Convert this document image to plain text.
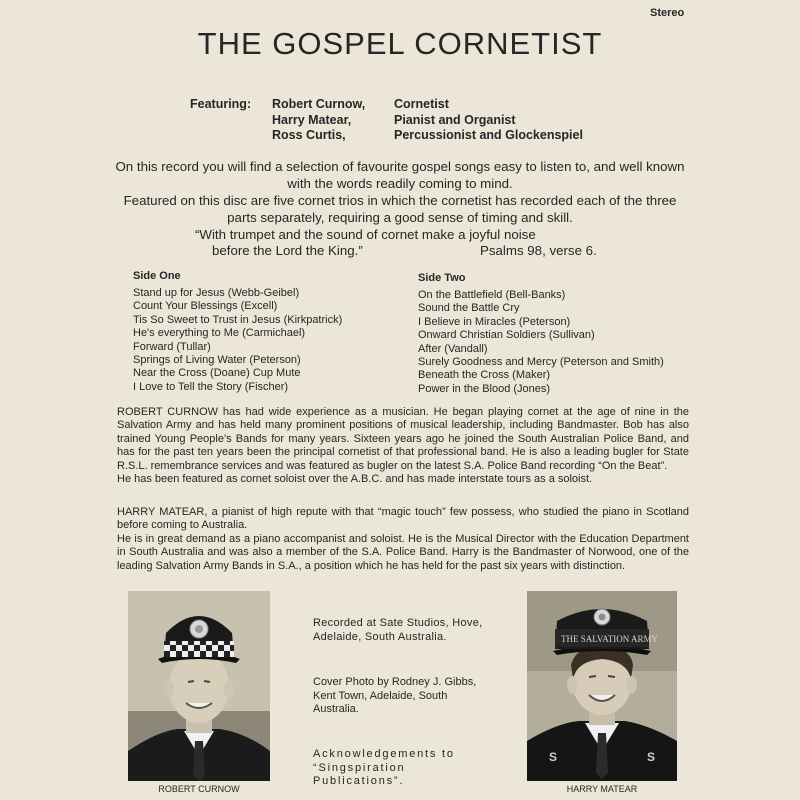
Stereo
THE GOSPEL CORNETIST
Featuring: Robert Curnow,
Harry Matear,
Ross Curtis,
Cornetist
Pianist and Organist
Percussionist and Glockenspiel
On this record you will find a selection of favourite gospel songs easy to listen to, and well known with the words readily coming to mind.
Featured on this disc are five cornet trios in which the cornetist has recorded each of the three parts separately, requiring a good sense of timing and skill.
“With trumpet and the sound of cornet make a joyful noise
before the Lord the King.”	Psalms 98, verse 6.
Side One
Stand up for Jesus (Webb-Geibel)
Count Your Blessings (Excell)
Tis So Sweet to Trust in Jesus (Kirkpatrick)
He's everything to Me (Carmichael)
Forward (Tullar)
Springs of Living Water (Peterson)
Near the Cross (Doane) Cup Mute
I Love to Tell the Story (Fischer)
Side Two
On the Battlefield (Bell-Banks)
Sound the Battle Cry
I Believe in Miracles (Peterson)
Onward Christian Soldiers (Sullivan)
After (Vandall)
Surely Goodness and Mercy (Peterson and Smith)
Beneath the Cross (Maker)
Power in the Blood (Jones)

ROBERT CURNOW has had wide experience as a musician. He began playing cornet at the age of nine in the Salvation Army and has held many prominent positions of musical leadership, including Bandmaster. Bob has also trained Young People's Bands for many years. Sixteen years ago he joined the South Australian Police Band, and has for the past ten years been the principal cornetist of that professional band. He is also a leading bugler for State R.S.L. remembrance services and was featured as bugler on the latest S.A. Police Band recording “On the Beat”.

He has been featured as cornet soloist over the A.B.C. and has made interstate tours as a soloist.

HARRY MATEAR, a pianist of high repute with that “magic touch” few possess, who studied the piano in Scotland before coming to Australia.

He is in great demand as a piano accompanist and soloist. He is the Musical Director with the Education Department in South Australia and was also a member of the S.A. Police Band. Harry is the Bandmaster of Norwood, one of the leading Salvation Army Bands in S.A., a position which he has held for the past six years with distinction.

ROBERT CURNOW
Recorded at Sate Studios, Hove, Adelaide, South Australia.
Cover Photo by Rodney J. Gibbs, Kent Town, Adelaide, South Australia.
Acknowledgements to “Singspiration Publications”.
S	S
THE SALVATION ARMY
HARRY MATEAR
